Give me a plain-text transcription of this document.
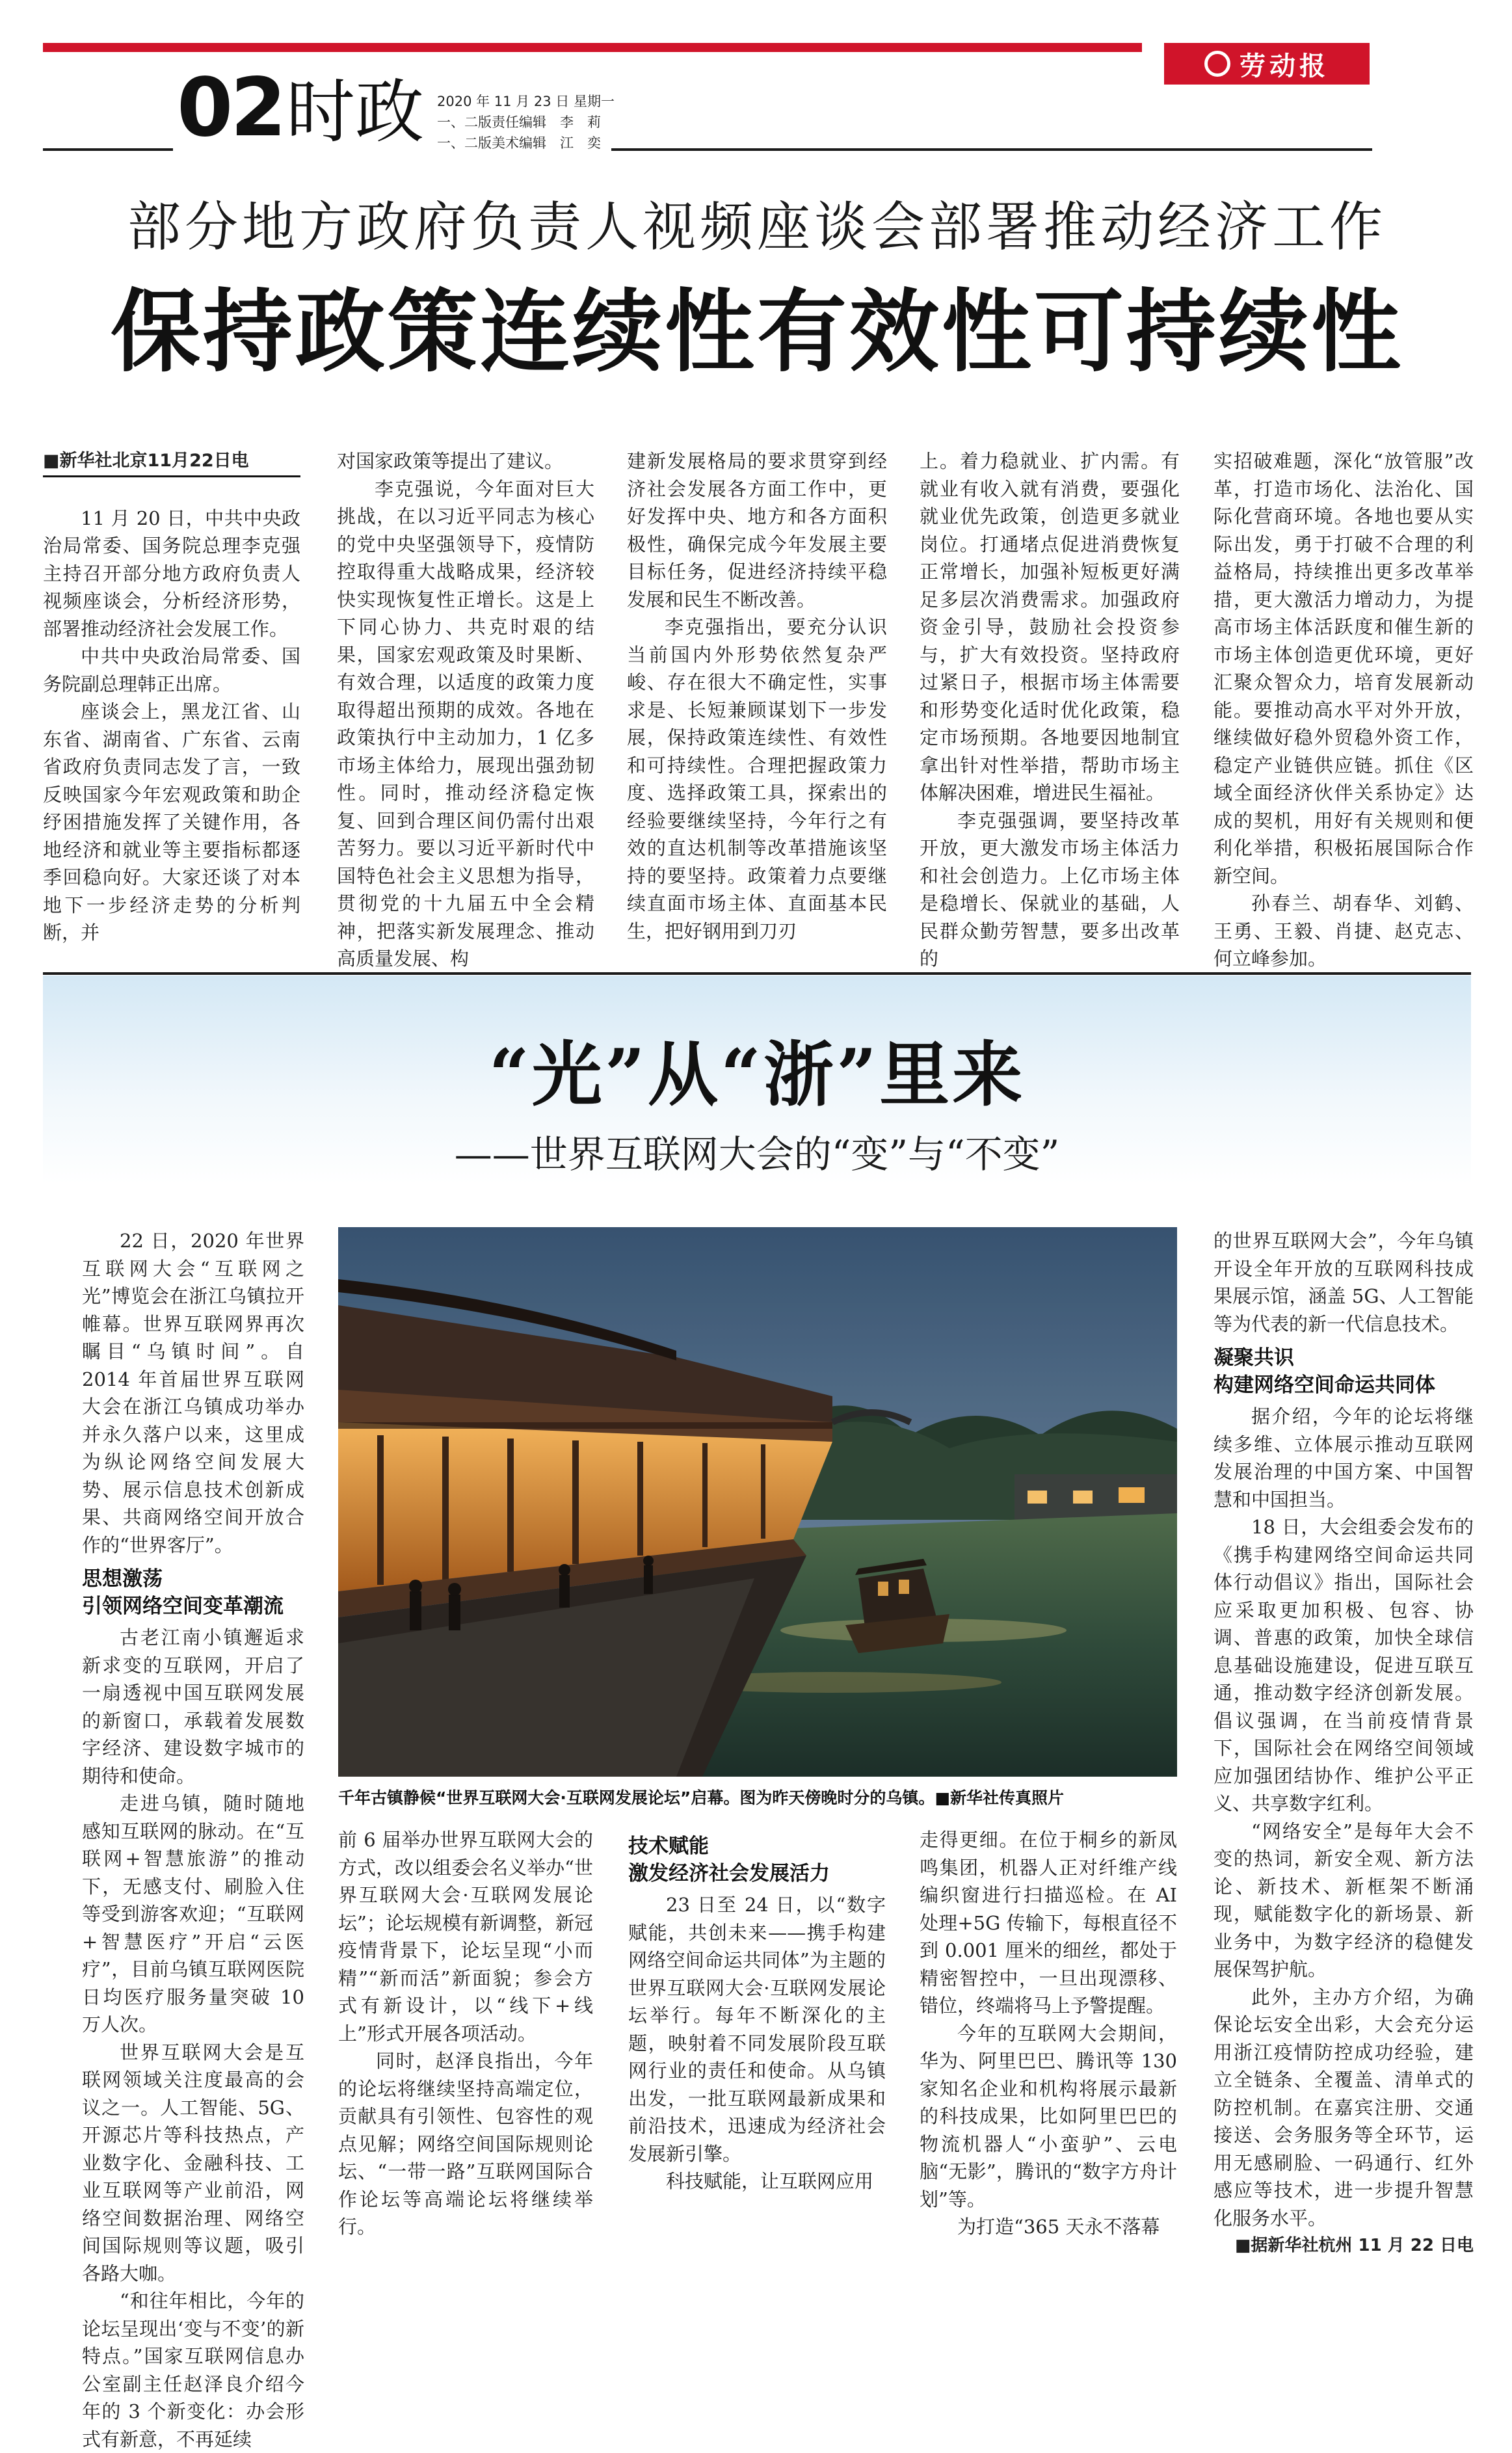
劳动报
02 时政 2020 年 11 月 23 日 星期一
一、二版责任编辑　李　莉
一、二版美术编辑　江　奕
部分地方政府负责人视频座谈会部署推动经济工作
保持政策连续性有效性可持续性

■新华社北京11月22日电

11 月 20 日，中共中央政治局常委、国务院总理李克强主持召开部分地方政府负责人视频座谈会，分析经济形势，部署推动经济社会发展工作。

中共中央政治局常委、国务院副总理韩正出席。

座谈会上，黑龙江省、山东省、湖南省、广东省、云南省政府负责同志发了言，一致反映国家今年宏观政策和助企纾困措施发挥了关键作用，各地经济和就业等主要指标都逐季回稳向好。大家还谈了对本地下一步经济走势的分析判断，并

对国家政策等提出了建议。

李克强说，今年面对巨大挑战，在以习近平同志为核心的党中央坚强领导下，疫情防控取得重大战略成果，经济较快实现恢复性正增长。这是上下同心协力、共克时艰的结果，国家宏观政策及时果断、有效合理，以适度的政策力度取得超出预期的成效。各地在政策执行中主动加力，1 亿多市场主体给力，展现出强劲韧性。同时，推动经济稳定恢复、回到合理区间仍需付出艰苦努力。要以习近平新时代中国特色社会主义思想为指导，贯彻党的十九届五中全会精神，把落实新发展理念、推动高质量发展、构

建新发展格局的要求贯穿到经济社会发展各方面工作中，更好发挥中央、地方和各方面积极性，确保完成今年发展主要目标任务，促进经济持续平稳发展和民生不断改善。

李克强指出，要充分认识当前国内外形势依然复杂严峻、存在很大不确定性，实事求是、长短兼顾谋划下一步发展，保持政策连续性、有效性和可持续性。合理把握政策力度、选择政策工具，探索出的经验要继续坚持，今年行之有效的直达机制等改革措施该坚持的要坚持。政策着力点要继续直面市场主体、直面基本民生，把好钢用到刀刃

上。着力稳就业、扩内需。有就业有收入就有消费，要强化就业优先政策，创造更多就业岗位。打通堵点促进消费恢复正常增长，加强补短板更好满足多层次消费需求。加强政府资金引导，鼓励社会投资参与，扩大有效投资。坚持政府过紧日子，根据市场主体需要和形势变化适时优化政策，稳定市场预期。各地要因地制宜拿出针对性举措，帮助市场主体解决困难，增进民生福祉。

李克强强调，要坚持改革开放，更大激发市场主体活力和社会创造力。上亿市场主体是稳增长、保就业的基础，人民群众勤劳智慧，要多出改革的

实招破难题，深化“放管服”改革，打造市场化、法治化、国际化营商环境。各地也要从实际出发，勇于打破不合理的利益格局，持续推出更多改革举措，更大激活力增动力，为提高市场主体活跃度和催生新的市场主体创造更优环境，更好汇聚众智众力，培育发展新动能。要推动高水平对外开放，继续做好稳外贸稳外资工作，稳定产业链供应链。抓住《区域全面经济伙伴关系协定》达成的契机，用好有关规则和便利化举措，积极拓展国际合作新空间。

孙春兰、胡春华、刘鹤、王勇、王毅、肖捷、赵克志、何立峰参加。

“光”从“浙”里来
——世界互联网大会的“变”与“不变”
千年古镇静候“世界互联网大会·互联网发展论坛”启幕。图为昨天傍晚时分的乌镇。■新华社传真照片

22 日，2020 年世界互联网大会“互联网之光”博览会在浙江乌镇拉开帷幕。世界互联网界再次瞩目“乌镇时间”。自 2014 年首届世界互联网大会在浙江乌镇成功举办并永久落户以来，这里成为纵论网络空间发展大势、展示信息技术创新成果、共商网络空间开放合作的“世界客厅”。

思想激荡
引领网络空间变革潮流

古老江南小镇邂逅求新求变的互联网，开启了一扇透视中国互联网发展的新窗口，承载着发展数字经济、建设数字城市的期待和使命。

走进乌镇，随时随地感知互联网的脉动。在“互联网+智慧旅游”的推动下，无感支付、刷脸入住等受到游客欢迎；“互联网+智慧医疗”开启“云医疗”，目前乌镇互联网医院日均医疗服务量突破 10 万人次。

世界互联网大会是互联网领域关注度最高的会议之一。人工智能、5G、开源芯片等科技热点，产业数字化、金融科技、工业互联网等产业前沿，网络空间数据治理、网络空间国际规则等议题，吸引各路大咖。

“和往年相比，今年的论坛呈现出‘变与不变’的新特点。”国家互联网信息办公室副主任赵泽良介绍今年的 3 个新变化：办会形式有新意，不再延续

前 6 届举办世界互联网大会的方式，改以组委会名义举办“世界互联网大会·互联网发展论坛”；论坛规模有新调整，新冠疫情背景下，论坛呈现“小而精”“新而活”新面貌；参会方式有新设计，以“线下+线上”形式开展各项活动。

同时，赵泽良指出，今年的论坛将继续坚持高端定位，贡献具有引领性、包容性的观点见解；网络空间国际规则论坛、“一带一路”互联网国际合作论坛等高端论坛将继续举行。

技术赋能
激发经济社会发展活力

23 日至 24 日，以“数字赋能，共创未来——携手构建网络空间命运共同体”为主题的世界互联网大会·互联网发展论坛举行。每年不断深化的主题，映射着不同发展阶段互联网行业的责任和使命。从乌镇出发，一批互联网最新成果和前沿技术，迅速成为经济社会发展新引擎。

科技赋能，让互联网应用

走得更细。在位于桐乡的新凤鸣集团，机器人正对纤维产线编织窗进行扫描巡检。在 AI 处理+5G 传输下，每根直径不到 0.001 厘米的细丝，都处于精密智控中，一旦出现漂移、错位，终端将马上予警提醒。

今年的互联网大会期间，华为、阿里巴巴、腾讯等 130 家知名企业和机构将展示最新的科技成果，比如阿里巴巴的物流机器人“小蛮驴”、云电脑“无影”，腾讯的“数字方舟计划”等。

为打造“365 天永不落幕

的世界互联网大会”，今年乌镇开设全年开放的互联网科技成果展示馆，涵盖 5G、人工智能等为代表的新一代信息技术。

凝聚共识
构建网络空间命运共同体

据介绍，今年的论坛将继续多维、立体展示推动互联网发展治理的中国方案、中国智慧和中国担当。

18 日，大会组委会发布的《携手构建网络空间命运共同体行动倡议》指出，国际社会应采取更加积极、包容、协调、普惠的政策，加快全球信息基础设施建设，促进互联互通，推动数字经济创新发展。倡议强调，在当前疫情背景下，国际社会在网络空间领域应加强团结协作、维护公平正义、共享数字红利。

“网络安全”是每年大会不变的热词，新安全观、新方法论、新技术、新框架不断涌现，赋能数字化的新场景、新业务中，为数字经济的稳健发展保驾护航。

此外，主办方介绍，为确保论坛安全出彩，大会充分运用浙江疫情防控成功经验，建立全链条、全覆盖、清单式的防控机制。在嘉宾注册、交通接送、会务服务等全环节，运用无感刷脸、一码通行、红外感应等技术，进一步提升智慧化服务水平。

■据新华社杭州 11 月 22 日电
